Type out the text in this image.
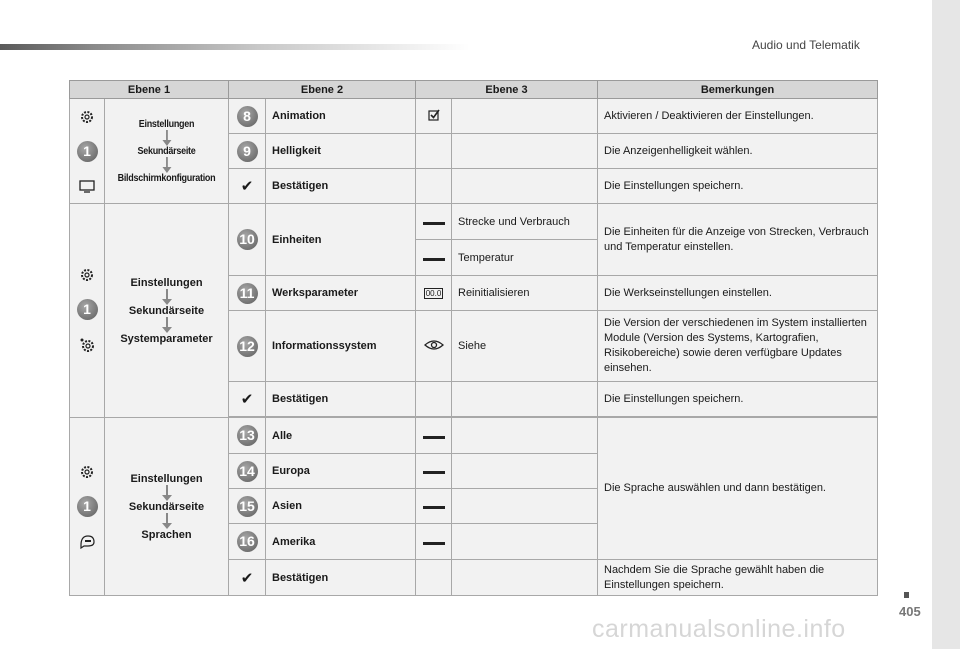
Audio und Telematik
Ebene 1		Ebene 2		Ebene 3		Bemerkungen

1	Einstellungen
Sekundärseite
Bildschirmkonfiguration	8	Animation			Aktivieren / Deaktivieren der Einstellungen.
		9	Helligkeit			Die Anzeigenhelligkeit wählen.
		✔	Bestätigen			Die Einstellungen speichern.

1	Einstellungen
Sekundärseite
Systemparameter	10	Einheiten		Strecke und Verbrauch	Die Einheiten für die Anzeige von Strecken, Verbrauch und Temperatur einstellen.
					Temperatur	
		11	Werksparameter	00.0	Reinitialisieren	Die Werkseinstellungen einstellen.
		12	Informationssystem		Siehe	Die Version der verschiedenen im System installierten Module (Version des Systems, Kartografien, Risikobereiche) sowie deren verfügbare Updates einsehen.
		✔	Bestätigen			Die Einstellungen speichern.

1	Einstellungen
Sekundärseite
Sprachen	13	Alle			Die Sprache auswählen und dann bestätigen.
		14	Europa			
		15	Asien			
		16	Amerika			
		✔	Bestätigen			Nachdem Sie die Sprache gewählt haben die Einstellungen speichern.
405
carmanualsonline.info
